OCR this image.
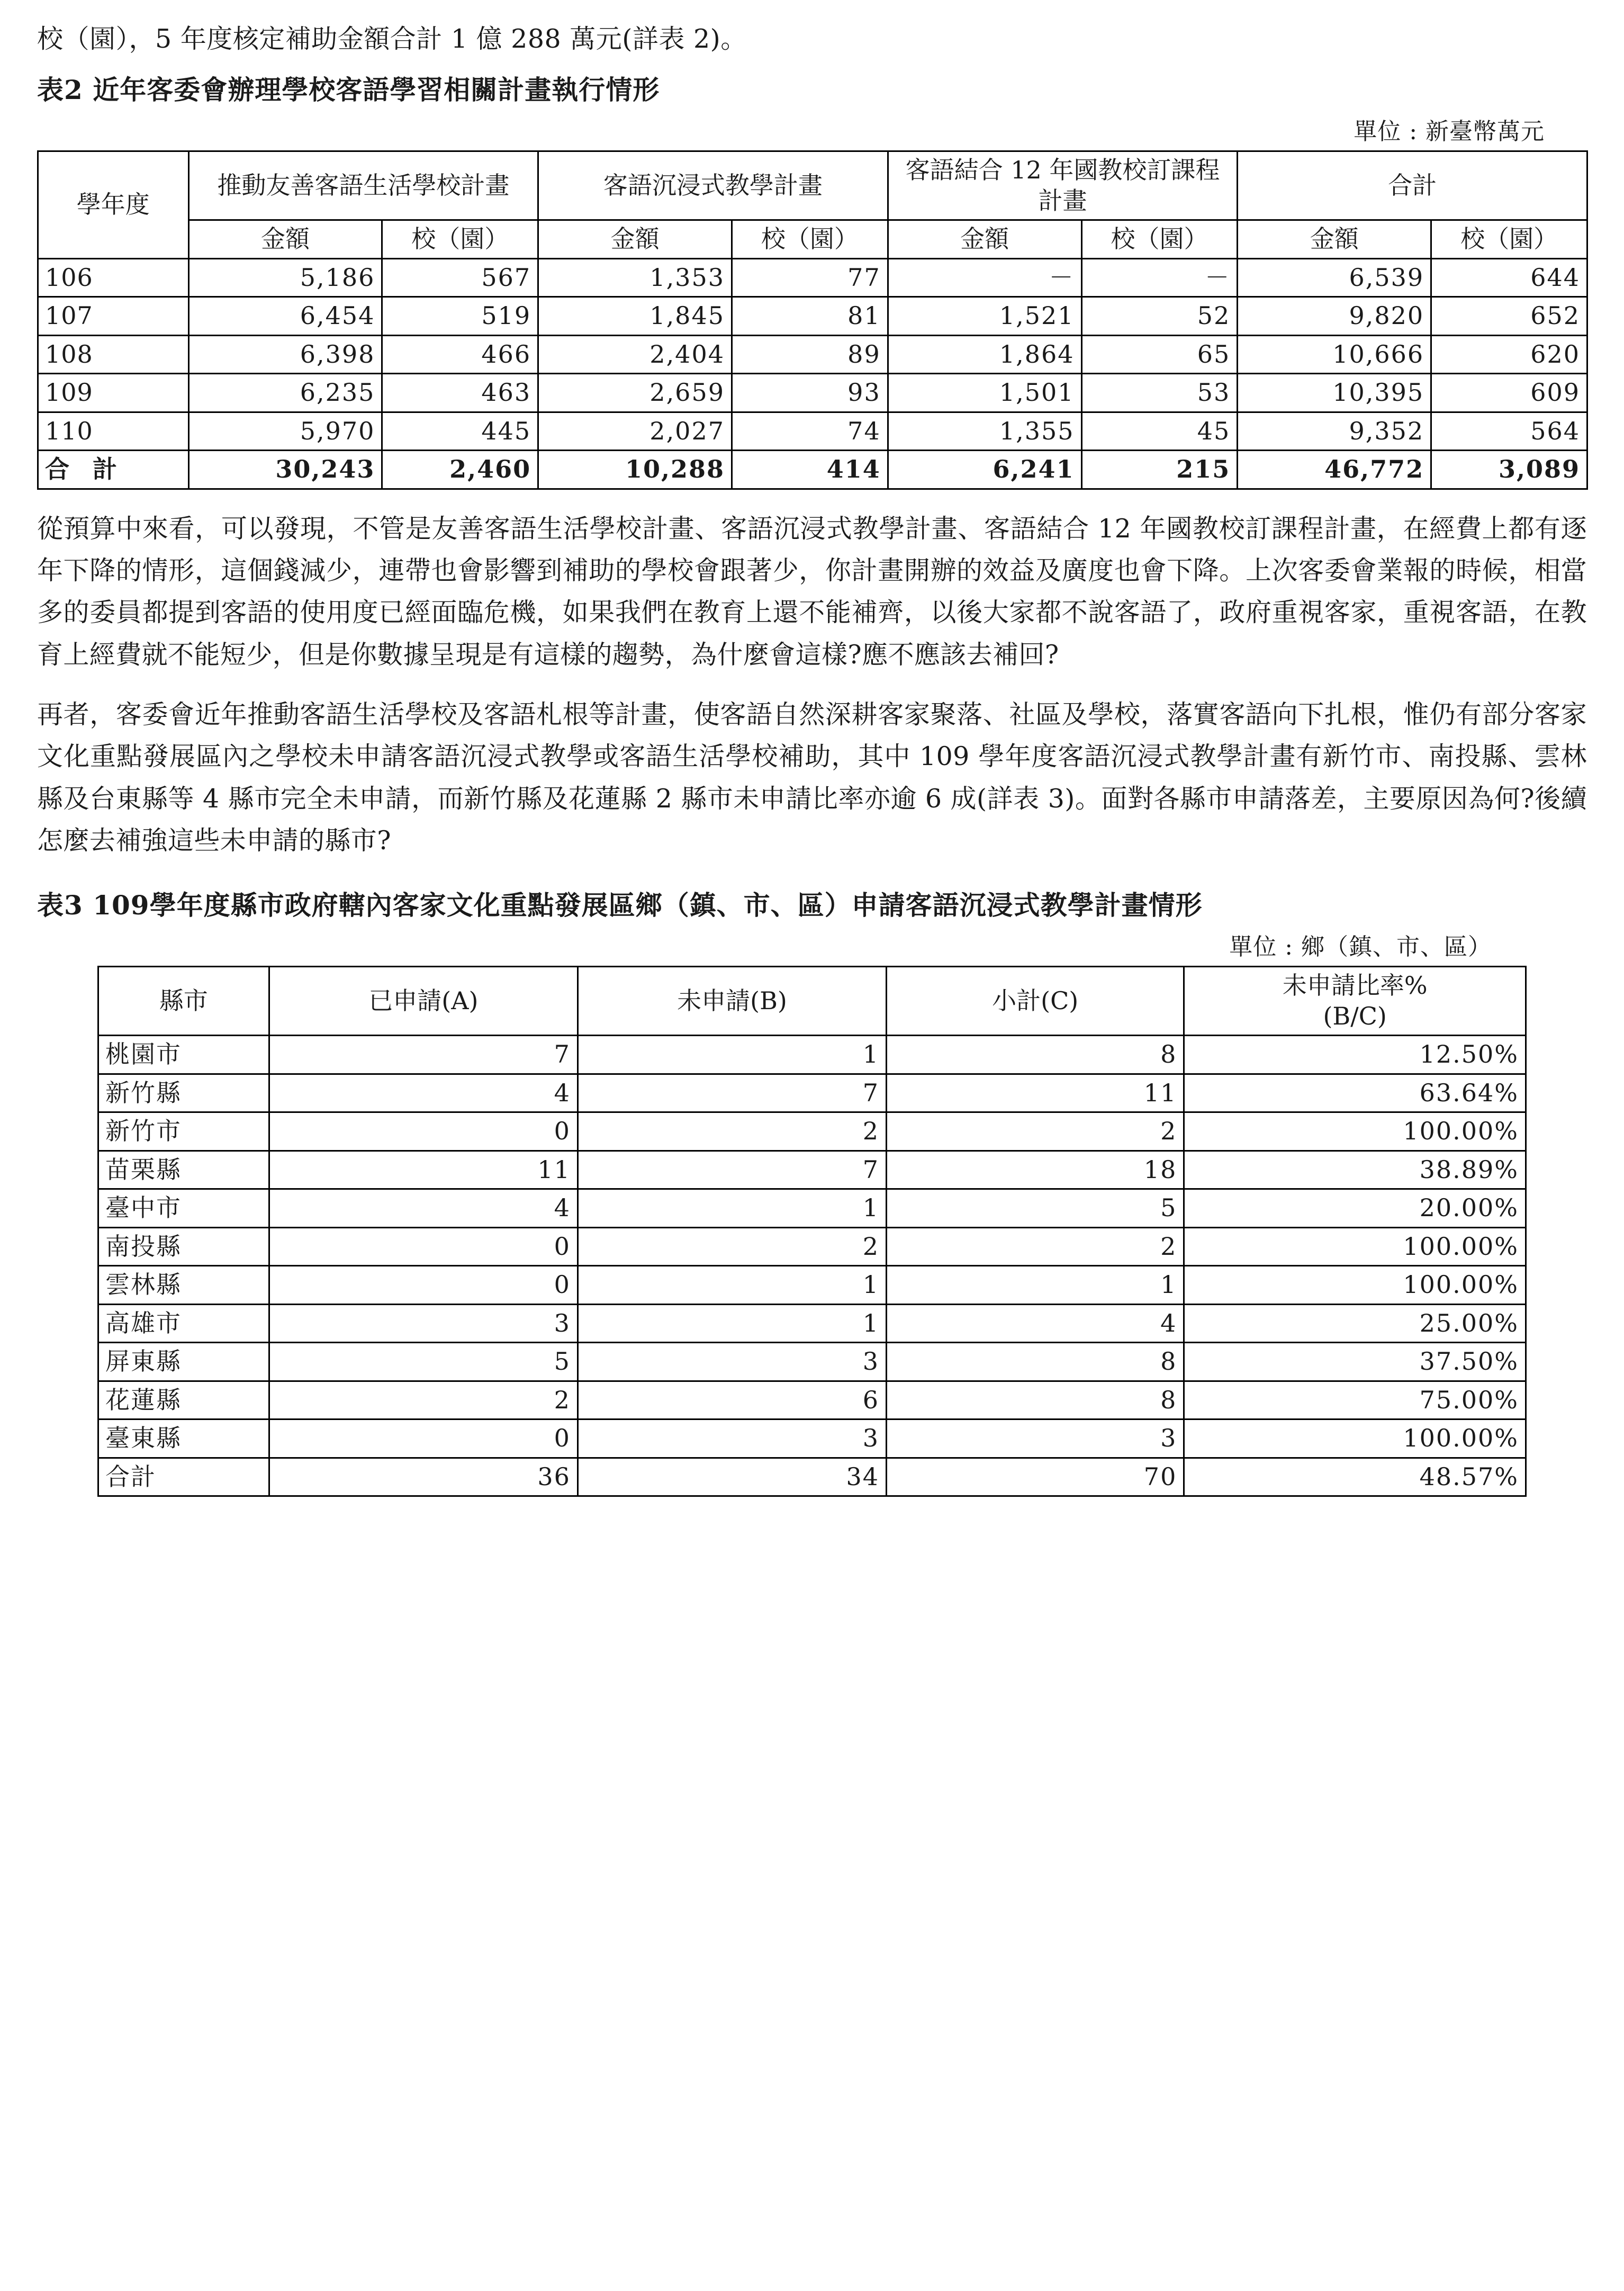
校（園），5 年度核定補助金額合計 1 億 288 萬元(詳表 2)。
表2 近年客委會辦理學校客語學習相關計畫執行情形
單位 : 新臺幣萬元
學年度	推動友善客語生活學校計畫		客語沉浸式教學計畫		客語結合 12 年國教校訂課程計畫		合計	
	金額	校（園）	金額	校（園）	金額	校（園）	金額	校（園）
106	5,186	567	1,353	77	－	－	6,539	644
107	6,454	519	1,845	81	1,521	52	9,820	652
108	6,398	466	2,404	89	1,864	65	10,666	620
109	6,235	463	2,659	93	1,501	53	10,395	609
110	5,970	445	2,027	74	1,355	45	9,352	564
合 計	30,243	2,460	10,288	414	6,241	215	46,772	3,089

從預算中來看，可以發現，不管是友善客語生活學校計畫、客語沉浸式教學計畫、客語結合 12 年國教校訂課程計畫，在經費上都有逐年下降的情形，這個錢減少，連帶也會影響到補助的學校會跟著少，你計畫開辦的效益及廣度也會下降。上次客委會業報的時候，相當多的委員都提到客語的使用度已經面臨危機，如果我們在教育上還不能補齊，以後大家都不說客語了，政府重視客家，重視客語，在教育上經費就不能短少，但是你數據呈現是有這樣的趨勢，為什麼會這樣?應不應該去補回?

再者，客委會近年推動客語生活學校及客語札根等計畫，使客語自然深耕客家聚落、社區及學校，落實客語向下扎根，惟仍有部分客家文化重點發展區內之學校未申請客語沉浸式教學或客語生活學校補助，其中 109 學年度客語沉浸式教學計畫有新竹市、南投縣、雲林縣及台東縣等 4 縣市完全未申請，而新竹縣及花蓮縣 2 縣市未申請比率亦逾 6 成(詳表 3)。面對各縣市申請落差，主要原因為何?後續怎麼去補強這些未申請的縣市?

表3 109學年度縣市政府轄內客家文化重點發展區鄉（鎮、市、區）申請客語沉浸式教學計畫情形
單位 : 鄉（鎮、市、區）
縣市	已申請(A)	未申請(B)	小計(C)	未申請比率%
(B/C)

桃園市	7	1	8	12.50%
新竹縣	4	7	11	63.64%
新竹市	0	2	2	100.00%
苗栗縣	11	7	18	38.89%
臺中市	4	1	5	20.00%
南投縣	0	2	2	100.00%
雲林縣	0	1	1	100.00%
高雄市	3	1	4	25.00%
屏東縣	5	3	8	37.50%
花蓮縣	2	6	8	75.00%
臺東縣	0	3	3	100.00%
合計	36	34	70	48.57%
